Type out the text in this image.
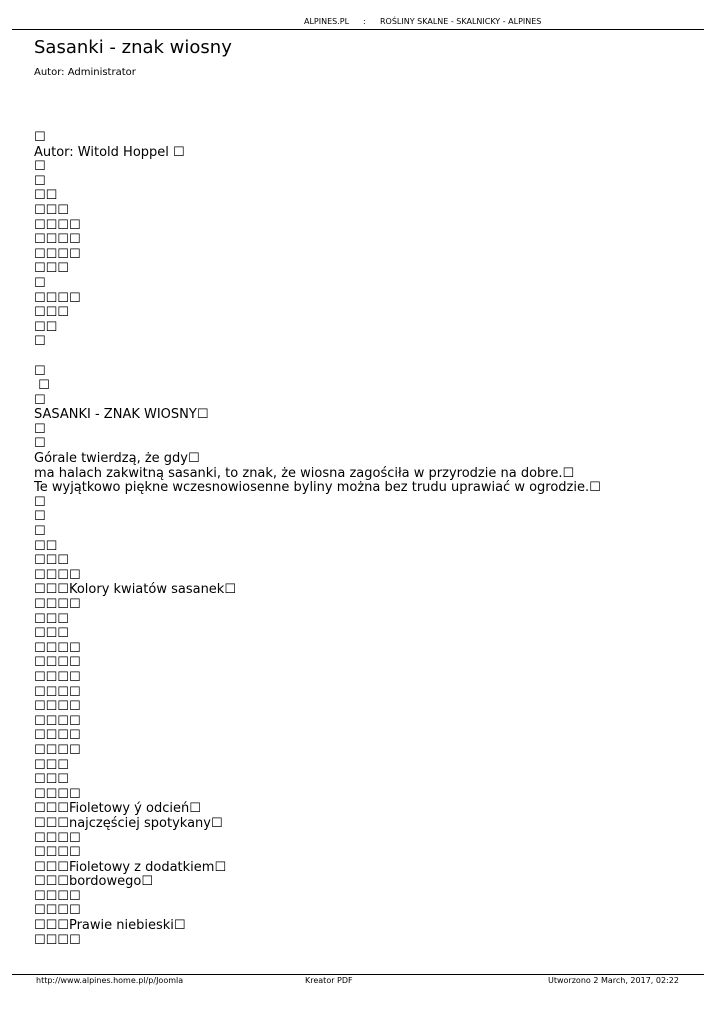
ALPINES.PL : ROŚLINY SKALNE - SKALNICKY - ALPINES
Sasanki - znak wiosny
Autor: Administrator
☐
Autor: Witold Hoppel ☐
☐
☐
☐☐
☐☐☐
☐☐☐☐
☐☐☐☐
☐☐☐☐
☐☐☐
☐
☐☐☐☐
☐☐☐
☐☐
☐
☐
☐
☐
SASANKI - ZNAK WIOSNY☐
☐
☐
Górale twierdzą, że gdy☐
ma halach zakwitną sasanki, to znak, że wiosna zagościła w przyrodzie na dobre.☐
Te wyjątkowo piękne wczesnowiosenne byliny można bez trudu uprawiać w ogrodzie.☐
☐
☐
☐
☐☐
☐☐☐
☐☐☐☐
☐☐☐Kolory kwiatów sasanek☐
☐☐☐☐
☐☐☐
☐☐☐
☐☐☐☐
☐☐☐☐
☐☐☐☐
☐☐☐☐
☐☐☐☐
☐☐☐☐
☐☐☐☐
☐☐☐☐
☐☐☐
☐☐☐
☐☐☐☐
☐☐☐Fioletowy ý odcień☐
☐☐☐najczęściej spotykany☐
☐☐☐☐
☐☐☐☐
☐☐☐Fioletowy z dodatkiem☐
☐☐☐bordowego☐
☐☐☐☐
☐☐☐☐
☐☐☐Prawie niebieski☐
☐☐☐☐
http://www.alpines.home.pl/p/Joomla	Kreator PDF	Utworzono 2 March, 2017, 02:22
